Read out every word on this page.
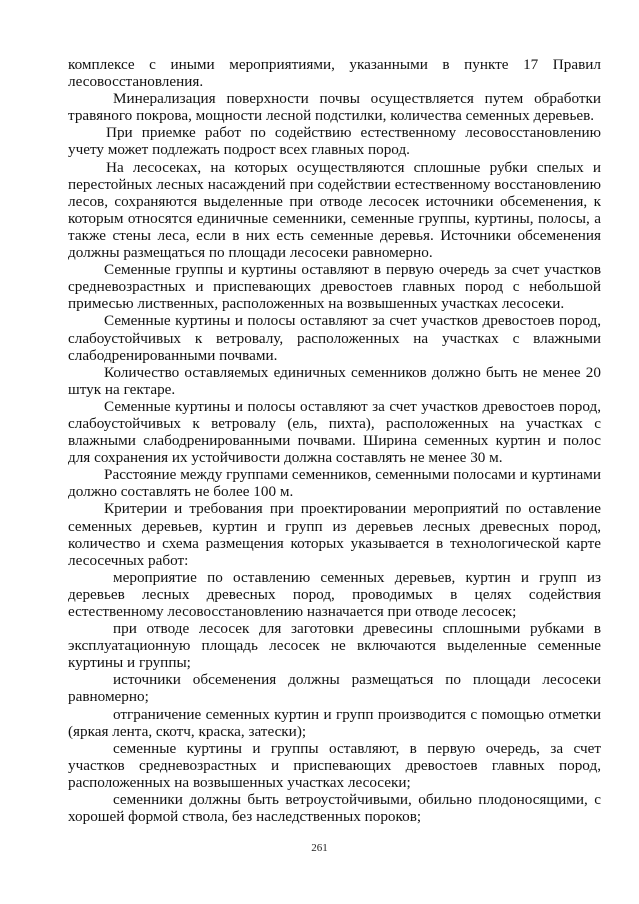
комплексе с иными мероприятиями, указанными в пункте 17 Правил лесовосстановления.

Минерализация поверхности почвы осуществляется путем обработки травяного покрова, мощности лесной подстилки, количества семенных деревьев.

При приемке работ по содействию естественному лесовосстановлению учету может подлежать подрост всех главных пород.

На лесосеках, на которых осуществляются сплошные рубки спелых и перестойных лесных насаждений при содействии естественному восстановлению лесов, сохраняются выделенные при отводе лесосек источники обсеменения, к которым относятся единичные семенники, семенные группы, куртины, полосы, а также стены леса, если в них есть семенные деревья. Источники обсеменения должны размещаться по площади лесосеки равномерно.

Семенные группы и куртины оставляют в первую очередь за счет участков средневозрастных и приспевающих древостоев главных пород с небольшой примесью лиственных, расположенных на возвышенных участках лесосеки.

Семенные куртины и полосы оставляют за счет участков древостоев пород, слабоустойчивых к ветровалу, расположенных на участках с влажными слабодренированными почвами.

Количество оставляемых единичных семенников должно быть не менее 20 штук на гектаре.

Семенные куртины и полосы оставляют за счет участков древостоев пород, слабоустойчивых к ветровалу (ель, пихта), расположенных на участках с влажными слабодренированными почвами. Ширина семенных куртин и полос для сохранения их устойчивости должна составлять не менее 30 м.

Расстояние между группами семенников, семенными полосами и куртинами должно составлять не более 100 м.

Критерии и требования при проектировании мероприятий по оставление семенных деревьев, куртин и групп из деревьев лесных древесных пород, количество и схема размещения которых указывается в технологической карте лесосечных работ:

мероприятие по оставлению семенных деревьев, куртин и групп из деревьев лесных древесных пород, проводимых в целях содействия естественному лесовосстановлению назначается при отводе лесосек;

при отводе лесосек для заготовки древесины сплошными рубками в эксплуатационную площадь лесосек не включаются выделенные семенные куртины и группы;

источники обсеменения должны размещаться по площади лесосеки равномерно;

отграничение семенных куртин и групп производится с помощью отметки (яркая лента, скотч, краска, затески);

семенные куртины и группы оставляют, в первую очередь, за счет участков средневозрастных и приспевающих древостоев главных пород, расположенных на возвышенных участках лесосеки;

семенники должны быть ветроустойчивыми, обильно плодоносящими, с хорошей формой ствола, без наследственных пороков;

261
